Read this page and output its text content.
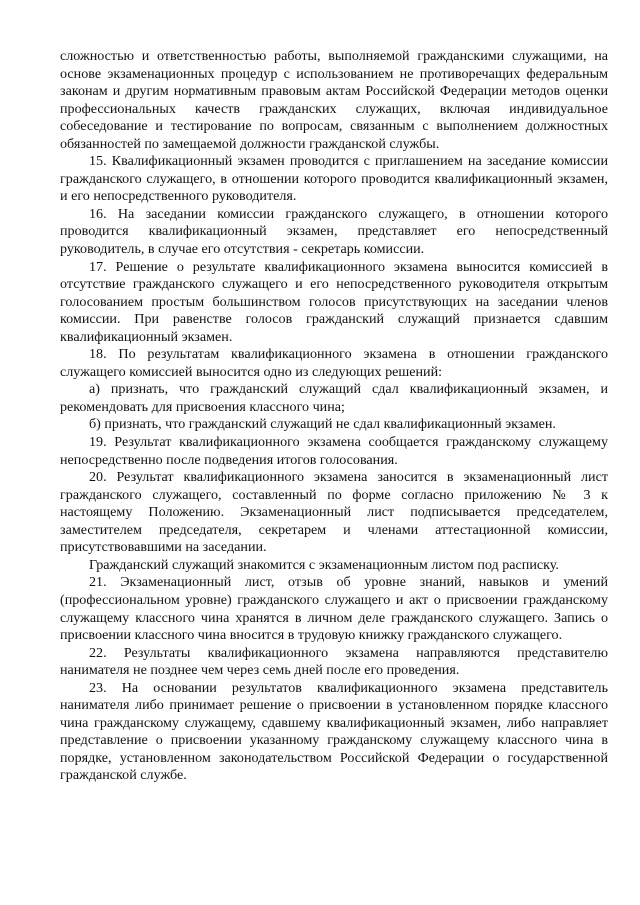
сложностью и ответственностью работы, выполняемой гражданскими служащими, на основе экзаменационных процедур с использованием не противоречащих федеральным законам и другим нормативным правовым актам Российской Федерации методов оценки профессиональных качеств гражданских служащих, включая индивидуальное собеседование и тестирование по вопросам, связанным с выполнением должностных обязанностей по замещаемой должности гражданской службы.

15. Квалификационный экзамен проводится с приглашением на заседание комиссии гражданского служащего, в отношении которого проводится квалификационный экзамен, и его непосредственного руководителя.

16. На заседании комиссии гражданского служащего, в отношении которого проводится квалификационный экзамен, представляет его непосредственный руководитель, в случае его отсутствия - секретарь комиссии.

17. Решение о результате квалификационного экзамена выносится комиссией в отсутствие гражданского служащего и его непосредственного руководителя открытым голосованием простым большинством голосов присутствующих на заседании членов комиссии. При равенстве голосов гражданский служащий признается сдавшим квалификационный экзамен.

18. По результатам квалификационного экзамена в отношении гражданского служащего комиссией выносится одно из следующих решений:

а) признать, что гражданский служащий сдал квалификационный экзамен, и рекомендовать для присвоения классного чина;

б) признать, что гражданский служащий не сдал квалификационный экзамен.

19. Результат квалификационного экзамена сообщается гражданскому служащему непосредственно после подведения итогов голосования.

20. Результат квалификационного экзамена заносится в экзаменационный лист гражданского служащего, составленный по форме согласно приложению № 3 к настоящему Положению. Экзаменационный лист подписывается председателем, заместителем председателя, секретарем и членами аттестационной комиссии, присутствовавшими на заседании.

Гражданский служащий знакомится с экзаменационным листом под расписку.

21. Экзаменационный лист, отзыв об уровне знаний, навыков и умений (профессиональном уровне) гражданского служащего и акт о присвоении гражданскому служащему классного чина хранятся в личном деле гражданского служащего. Запись о присвоении классного чина вносится в трудовую книжку гражданского служащего.

22. Результаты квалификационного экзамена направляются представителю нанимателя не позднее чем через семь дней после его проведения.

23. На основании результатов квалификационного экзамена представитель нанимателя либо принимает решение о присвоении в установленном порядке классного чина гражданскому служащему, сдавшему квалификационный экзамен, либо направляет представление о присвоении указанному гражданскому служащему классного чина в порядке, установленном законодательством Российской Федерации о государственной гражданской службе.
